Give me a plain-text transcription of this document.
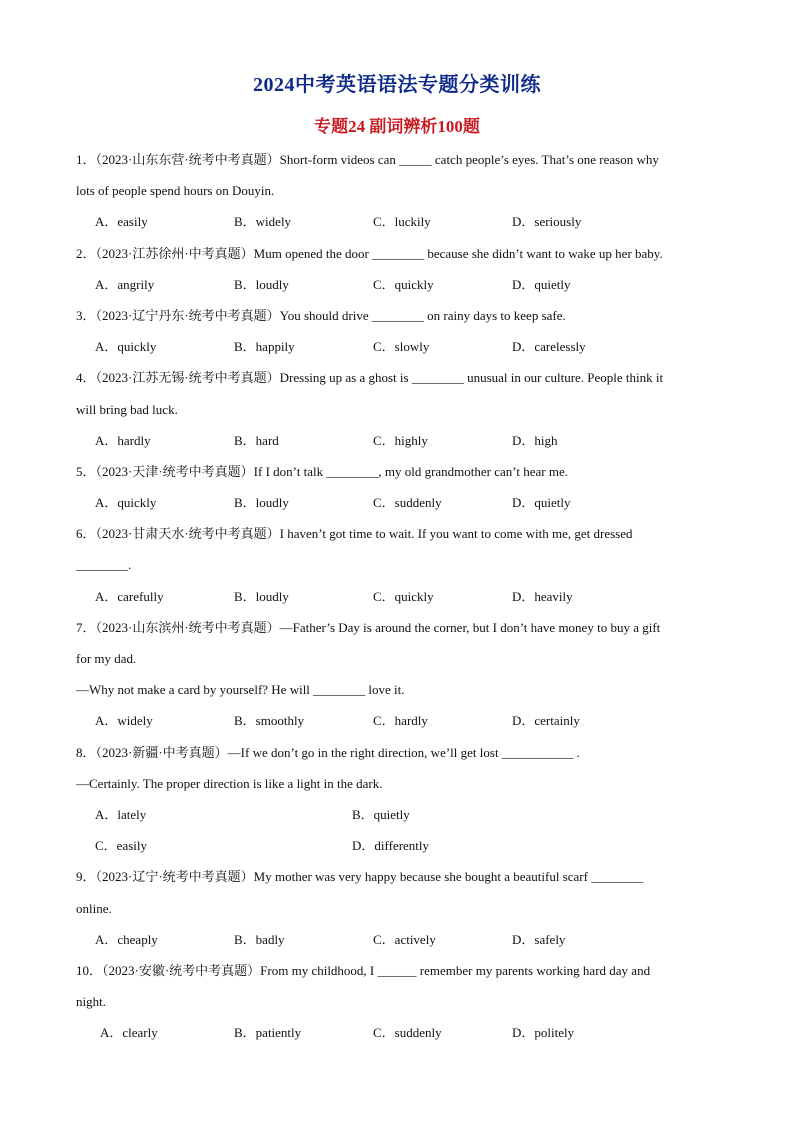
2024中考英语语法专题分类训练
专题24 副词辨析100题
1．（2023·山东东营·统考中考真题）Short-form videos can _____ catch people’s eyes. That’s one reason why
lots of people spend hours on Douyin.
A．easily	B．widely	C．luckily	D．seriously
2．（2023·江苏徐州·中考真题）Mum opened the door ________ because she didn’t want to wake up her baby.
A．angrily	B．loudly	C．quickly	D．quietly
3．（2023·辽宁丹东·统考中考真题）You should drive ________ on rainy days to keep safe.
A．quickly	B．happily	C．slowly	D．carelessly
4．（2023·江苏无锡·统考中考真题）Dressing up as a ghost is ________ unusual in our culture. People think it
will bring bad luck.
A．hardly	B．hard	C．highly	D．high
5．（2023·天津·统考中考真题）If I don’t talk ________, my old grandmother can’t hear me.
A．quickly	B．loudly	C．suddenly	D．quietly
6．（2023·甘肃天水·统考中考真题）I haven’t got time to wait. If you want to come with me, get dressed
________.
A．carefully	B．loudly	C．quickly	D．heavily
7．（2023·山东滨州·统考中考真题）—Father’s Day is around the corner, but I don’t have money to buy a gift
for my dad.
—Why not make a card by yourself? He will ________ love it.
A．widely	B．smoothly	C．hardly	D．certainly
8．（2023·新疆·中考真题）—If we don’t go in the right direction, we’ll get lost ___________ .
—Certainly. The proper direction is like a light in the dark.
A．lately	B．quietly
C．easily	D．differently
9．（2023·辽宁·统考中考真题）My mother was very happy because she bought a beautiful scarf ________
online.
A．cheaply	B．badly	C．actively	D．safely
10．（2023·安徽·统考中考真题）From my childhood, I ______ remember my parents working hard day and
night.
A．clearly	B．patiently	C．suddenly	D．politely
